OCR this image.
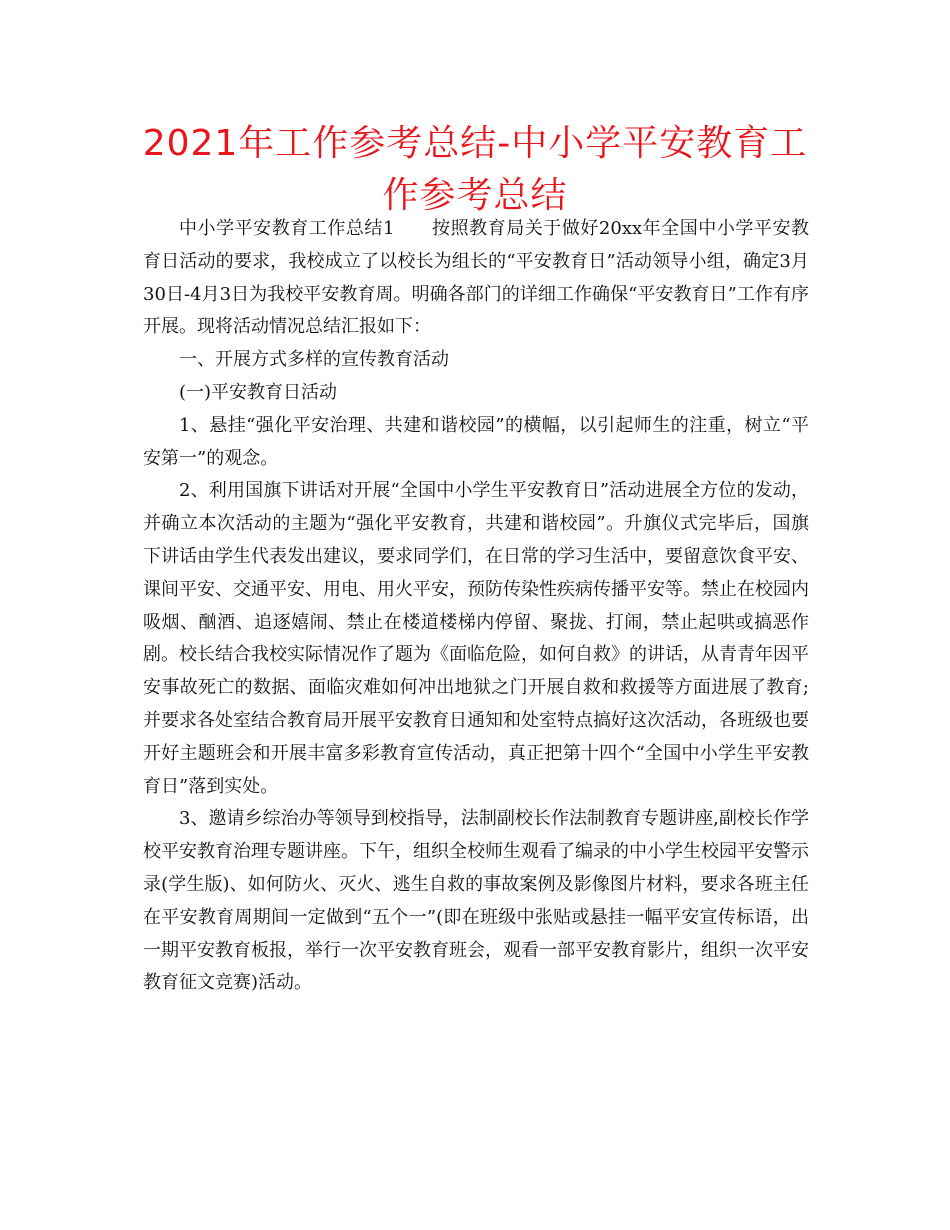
2021年工作参考总结-中小学平安教育工作参考总结

中小学平安教育工作总结1　　按照教育局关于做好20xx年全国中小学平安教育日活动的要求，我校成立了以校长为组长的“平安教育日”活动领导小组，确定3月30日-4月3日为我校平安教育周。明确各部门的详细工作确保“平安教育日”工作有序开展。现将活动情况总结汇报如下：

一、开展方式多样的宣传教育活动

(一)平安教育日活动

1、悬挂“强化平安治理、共建和谐校园”的横幅，以引起师生的注重，树立“平安第一”的观念。

2、利用国旗下讲话对开展“全国中小学生平安教育日”活动进展全方位的发动，并确立本次活动的主题为“强化平安教育，共建和谐校园”。升旗仪式完毕后，国旗下讲话由学生代表发出建议，要求同学们，在日常的学习生活中，要留意饮食平安、课间平安、交通平安、用电、用火平安，预防传染性疾病传播平安等。禁止在校园内吸烟、酗酒、追逐嬉闹、禁止在楼道楼梯内停留、聚拢、打闹，禁止起哄或搞恶作剧。校长结合我校实际情况作了题为《面临危险，如何自救》的讲话，从青青年因平安事故死亡的数据、面临灾难如何冲出地狱之门开展自救和救援等方面进展了教育;并要求各处室结合教育局开展平安教育日通知和处室特点搞好这次活动，各班级也要开好主题班会和开展丰富多彩教育宣传活动，真正把第十四个“全国中小学生平安教育日”落到实处。

3、邀请乡综治办等领导到校指导，法制副校长作法制教育专题讲座,副校长作学校平安教育治理专题讲座。下午，组织全校师生观看了编录的中小学生校园平安警示录(学生版)、如何防火、灭火、逃生自救的事故案例及影像图片材料，要求各班主任在平安教育周期间一定做到“五个一”(即在班级中张贴或悬挂一幅平安宣传标语，出一期平安教育板报，举行一次平安教育班会，观看一部平安教育影片，组织一次平安教育征文竞赛)活动。
